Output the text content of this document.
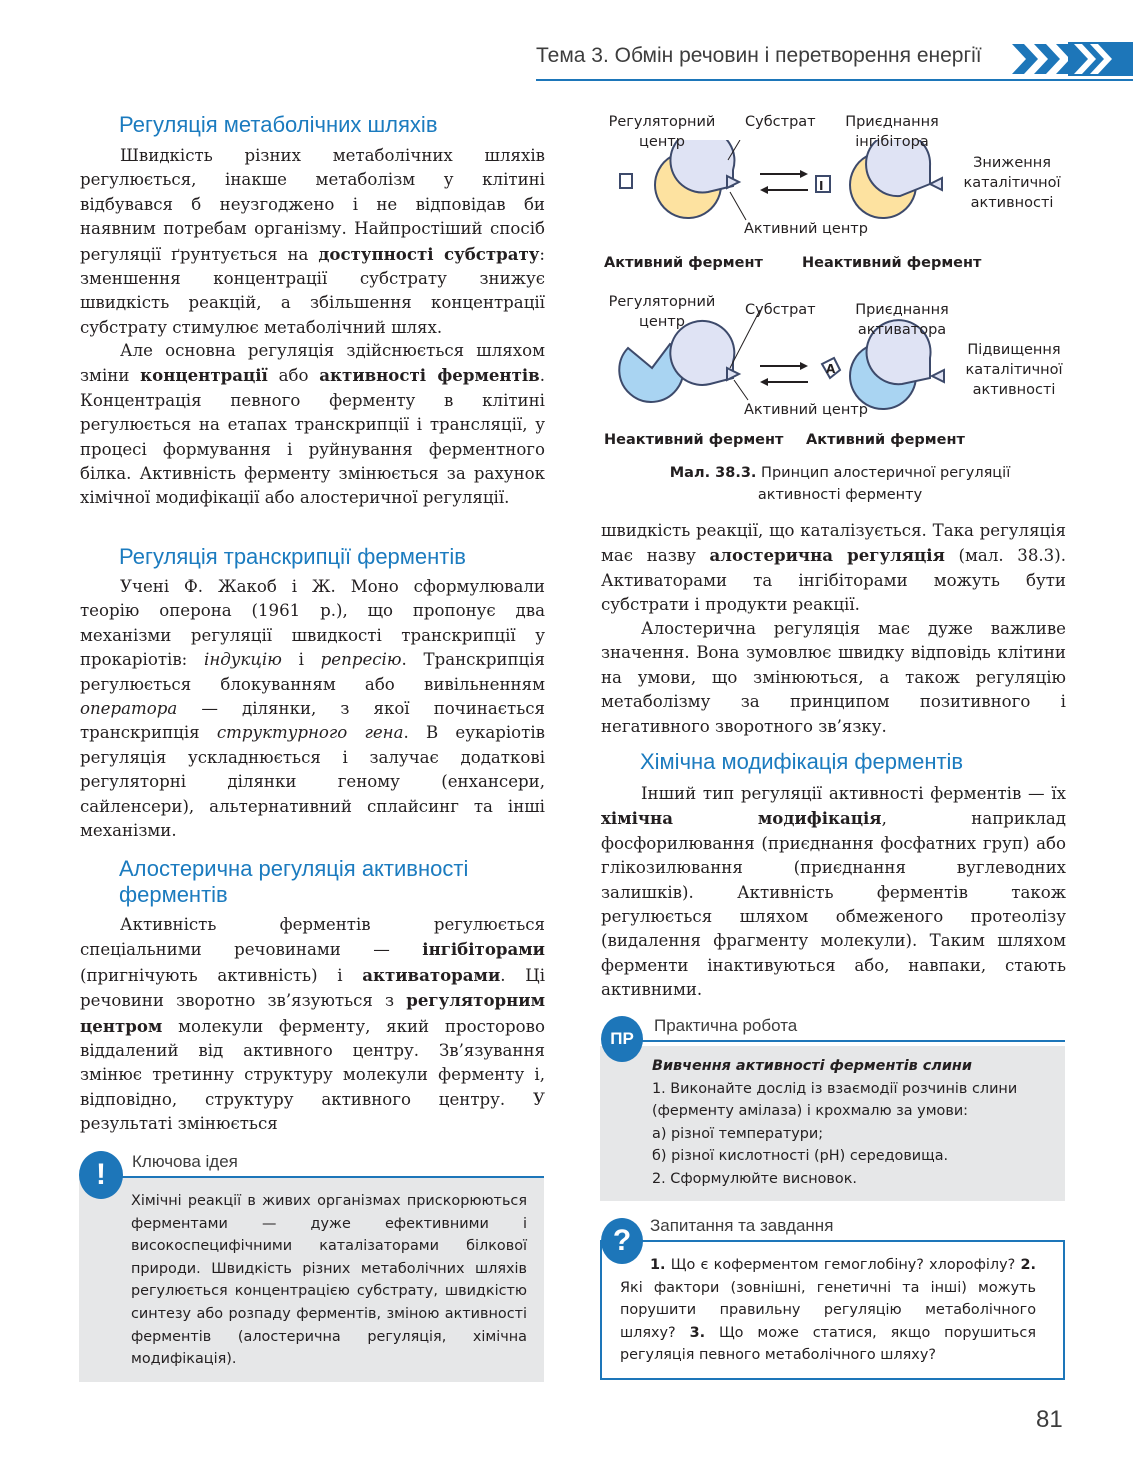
Тема 3. Обмін речовин і перетворення енергії
Регуляція метаболічних шляхів

Швидкість різних метаболічних шляхів регулюється, інакше метаболізм у клітині відбувався б неузгоджено і не відповідав би наявним потребам організму. Найпростіший спосіб регуляції ґрунтується на доступності субстрату: зменшення концентрації субстрату знижує швидкість реакцій, а збільшення концентрації субстрату стимулює метаболічний шлях.

Але основна регуляція здійснюється шляхом зміни концентрації або активності ферментів. Концентрація певного ферменту в клітині регулюється на етапах транскрипції і трансляції, у процесі формування і руйнування ферментного білка. Активність ферменту змінюється за рахунок хімічної модифікації або алостеричної регуляції.

Регуляція транскрипції ферментів

Учені Ф. Жакоб і Ж. Моно сформулювали теорію оперона (1961 р.), що пропонує два механізми регуляції швидкості транскрипції у прокаріотів: індукцію і репресію. Транскрипція регулюється блокуванням або вивільненням оператора — ділянки, з якої починається транскрипція структурного гена. В еукаріотів регуляція ускладнюється і залучає додаткові регуляторні ділянки геному (енхансери, сайленсери), альтернативний сплайсинг та інші механізми.

Алостерична регуляція активності
ферментів

Активність ферментів регулюється спеціальними речовинами — інгібіторами (пригнічують активність) і активаторами. Ці речовини зворотно зв’язуються з регуляторним центром молекули ферменту, який просторово віддалений від активного центру. Зв’язування змінює третинну структуру молекули ферменту і, відповідно, структуру активного центру. У результаті змінюється

!	Ключова ідея

Хімічні реакції в живих організмах прискорюються ферментами — дуже ефективними і високоспецифічними каталізаторами білкової природи. Швидкість різних метаболічних шляхів регулюється концентрацією субстрату, швидкістю синтезу або розпаду ферментів, зміною активності ферментів (алостерична регуляція, хімічна модифікація).

I
A
Регуляторний
центр
Субстрат	Приєднання
інгібітора
Зниження
каталітичної
активності
Активний центр
Активний фермент	Неактивний фермент
Регуляторний
центр
Субстрат	Приєднання
активатора
Підвищення
каталітичної
активності
Активний центр
Неактивний фермент Активний фермент
Мал. 38.3. Принцип алостеричної регуляції
активності ферменту

швидкість реакції, що каталізується. Така регуляція має назву алостерична регуляція (мал. 38.3). Активаторами та інгібіторами можуть бути субстрати і продукти реакції.

Алостерична регуляція має дуже важливе значення. Вона зумовлює швидку відповідь клітини на умови, що змінюються, а також регуляцію метаболізму за принципом позитивного і негативного зворотного зв’язку.

Хімічна модифікація ферментів

Інший тип регуляції активності ферментів — їх хімічна модифікація, наприклад фосфорилювання (приєднання фосфатних груп) або глікозилювання (приєднання вуглеводних залишків). Активність ферментів також регулюється шляхом обмеженого протеолізу (видалення фрагменту молекули). Таким шляхом ферменти інактивуються або, навпаки, стають активними.

ПР
Практична робота
Вивчення активності ферментів слини
1. Виконайте дослід із взаємодії розчинів слини
(ферменту амілаза) і крохмалю за умови:
а) різної температури;
б) різної кислотності (pH) середовища.
2. Сформулюйте висновок.
?	Запитання та завдання

1. Що є коферментом гемоглобіну? хлорофілу? 2. Які фактори (зовнішні, генетичні та інші) можуть порушити правильну регуляцію метаболічного шляху? 3. Що може статися, якщо порушиться регуляція певного метаболічного шляху?

81
